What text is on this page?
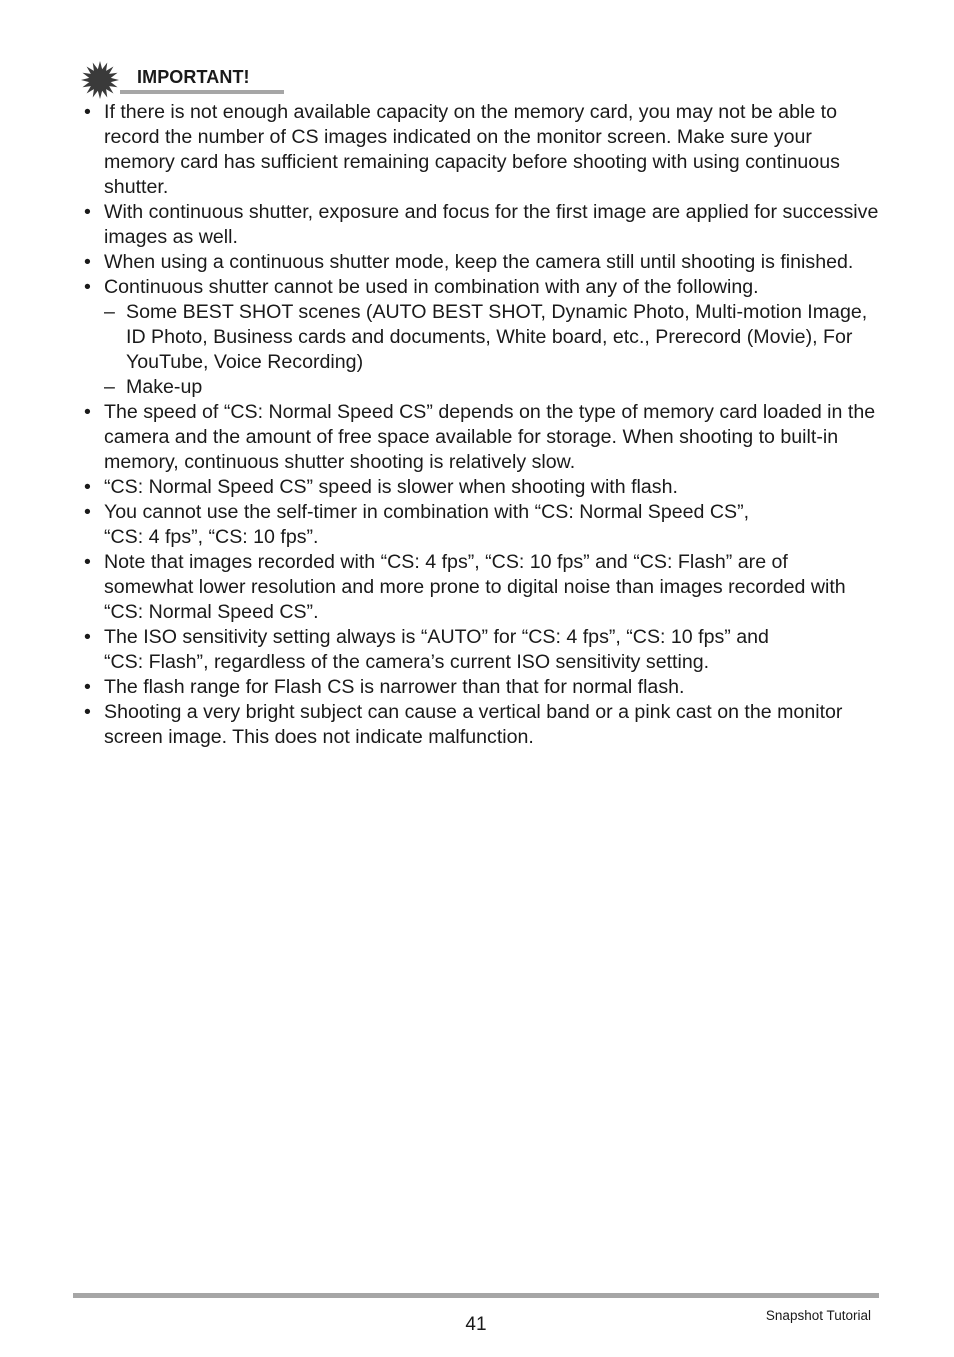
IMPORTANT!
• If there is not enough available capacity on the memory card, you may not be able to record the number of CS images indicated on the monitor screen. Make sure your memory card has sufficient remaining capacity before shooting with using continuous shutter.
• With continuous shutter, exposure and focus for the first image are applied for successive images as well.
• When using a continuous shutter mode, keep the camera still until shooting is finished.
• Continuous shutter cannot be used in combination with any of the following.
– Some BEST SHOT scenes (AUTO BEST SHOT, Dynamic Photo, Multi-motion Image, ID Photo, Business cards and documents, White board, etc., Prerecord (Movie), For YouTube, Voice Recording)
– Make-up
• The speed of “CS: Normal Speed CS” depends on the type of memory card loaded in the camera and the amount of free space available for storage. When shooting to built-in memory, continuous shutter shooting is relatively slow.
• “CS: Normal Speed CS” speed is slower when shooting with flash.
• You cannot use the self-timer in combination with “CS: Normal Speed CS”,
“CS: 4 fps”, “CS: 10 fps”.
• Note that images recorded with “CS: 4 fps”, “CS: 10 fps” and “CS: Flash” are of somewhat lower resolution and more prone to digital noise than images recorded with “CS: Normal Speed CS”.
• The ISO sensitivity setting always is “AUTO” for “CS: 4 fps”, “CS: 10 fps” and
“CS: Flash”, regardless of the camera’s current ISO sensitivity setting.
• The flash range for Flash CS is narrower than that for normal flash.
• Shooting a very bright subject can cause a vertical band or a pink cast on the monitor screen image. This does not indicate malfunction.
41	Snapshot Tutorial
